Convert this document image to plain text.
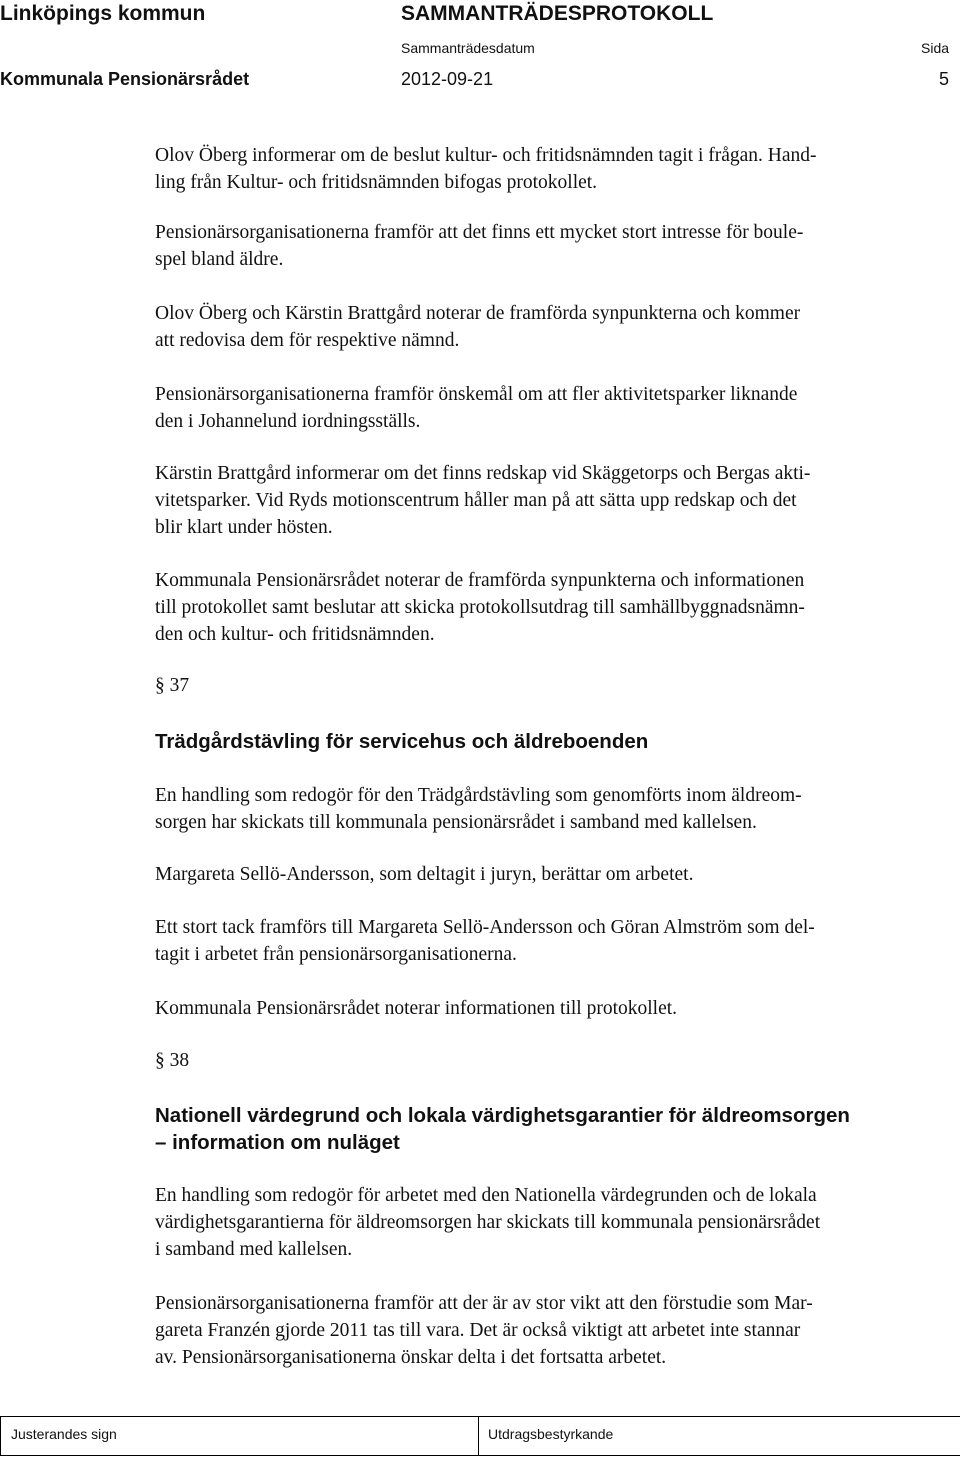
Linköpings kommun	SAMMANTRÄDESPROTOKOLL
Sammanträdesdatum	Sida
Kommunala Pensionärsrådet	2012-09-21	5
Olov Öberg informerar om de beslut kultur- och fritidsnämnden tagit i frågan. Hand-
ling från Kultur- och fritidsnämnden bifogas protokollet.
Pensionärsorganisationerna framför att det finns ett mycket stort intresse för boule-
spel bland äldre.
Olov Öberg och Kärstin Brattgård noterar de framförda synpunkterna och kommer
att redovisa dem för respektive nämnd.
Pensionärsorganisationerna framför önskemål om att fler aktivitetsparker liknande
den i Johannelund iordningsställs.
Kärstin Brattgård informerar om det finns redskap vid Skäggetorps och Bergas akti-
vitetsparker. Vid Ryds motionscentrum håller man på att sätta upp redskap och det
blir klart under hösten.
Kommunala Pensionärsrådet noterar de framförda synpunkterna och informationen
till protokollet samt beslutar att skicka protokollsutdrag till samhällbyggnadsnämn-
den och kultur- och fritidsnämnden.
§ 37
Trädgårdstävling för servicehus och äldreboenden
En handling som redogör för den Trädgårdstävling som genomförts inom äldreom-
sorgen har skickats till kommunala pensionärsrådet i samband med kallelsen.
Margareta Sellö-Andersson, som deltagit i juryn, berättar om arbetet.
Ett stort tack framförs till Margareta Sellö-Andersson och Göran Almström som del-
tagit i arbetet från pensionärsorganisationerna.
Kommunala Pensionärsrådet noterar informationen till protokollet.
§ 38
Nationell värdegrund och lokala värdighetsgarantier för äldreomsorgen
– information om nuläget
En handling som redogör för arbetet med den Nationella värdegrunden och de lokala
värdighetsgarantierna för äldreomsorgen har skickats till kommunala pensionärsrådet
i samband med kallelsen.
Pensionärsorganisationerna framför att der är av stor vikt att den förstudie som Mar-
gareta Franzén gjorde 2011 tas till vara. Det är också viktigt att arbetet inte stannar
av. Pensionärsorganisationerna önskar delta i det fortsatta arbetet.
Justerandes sign	Utdragsbestyrkande
